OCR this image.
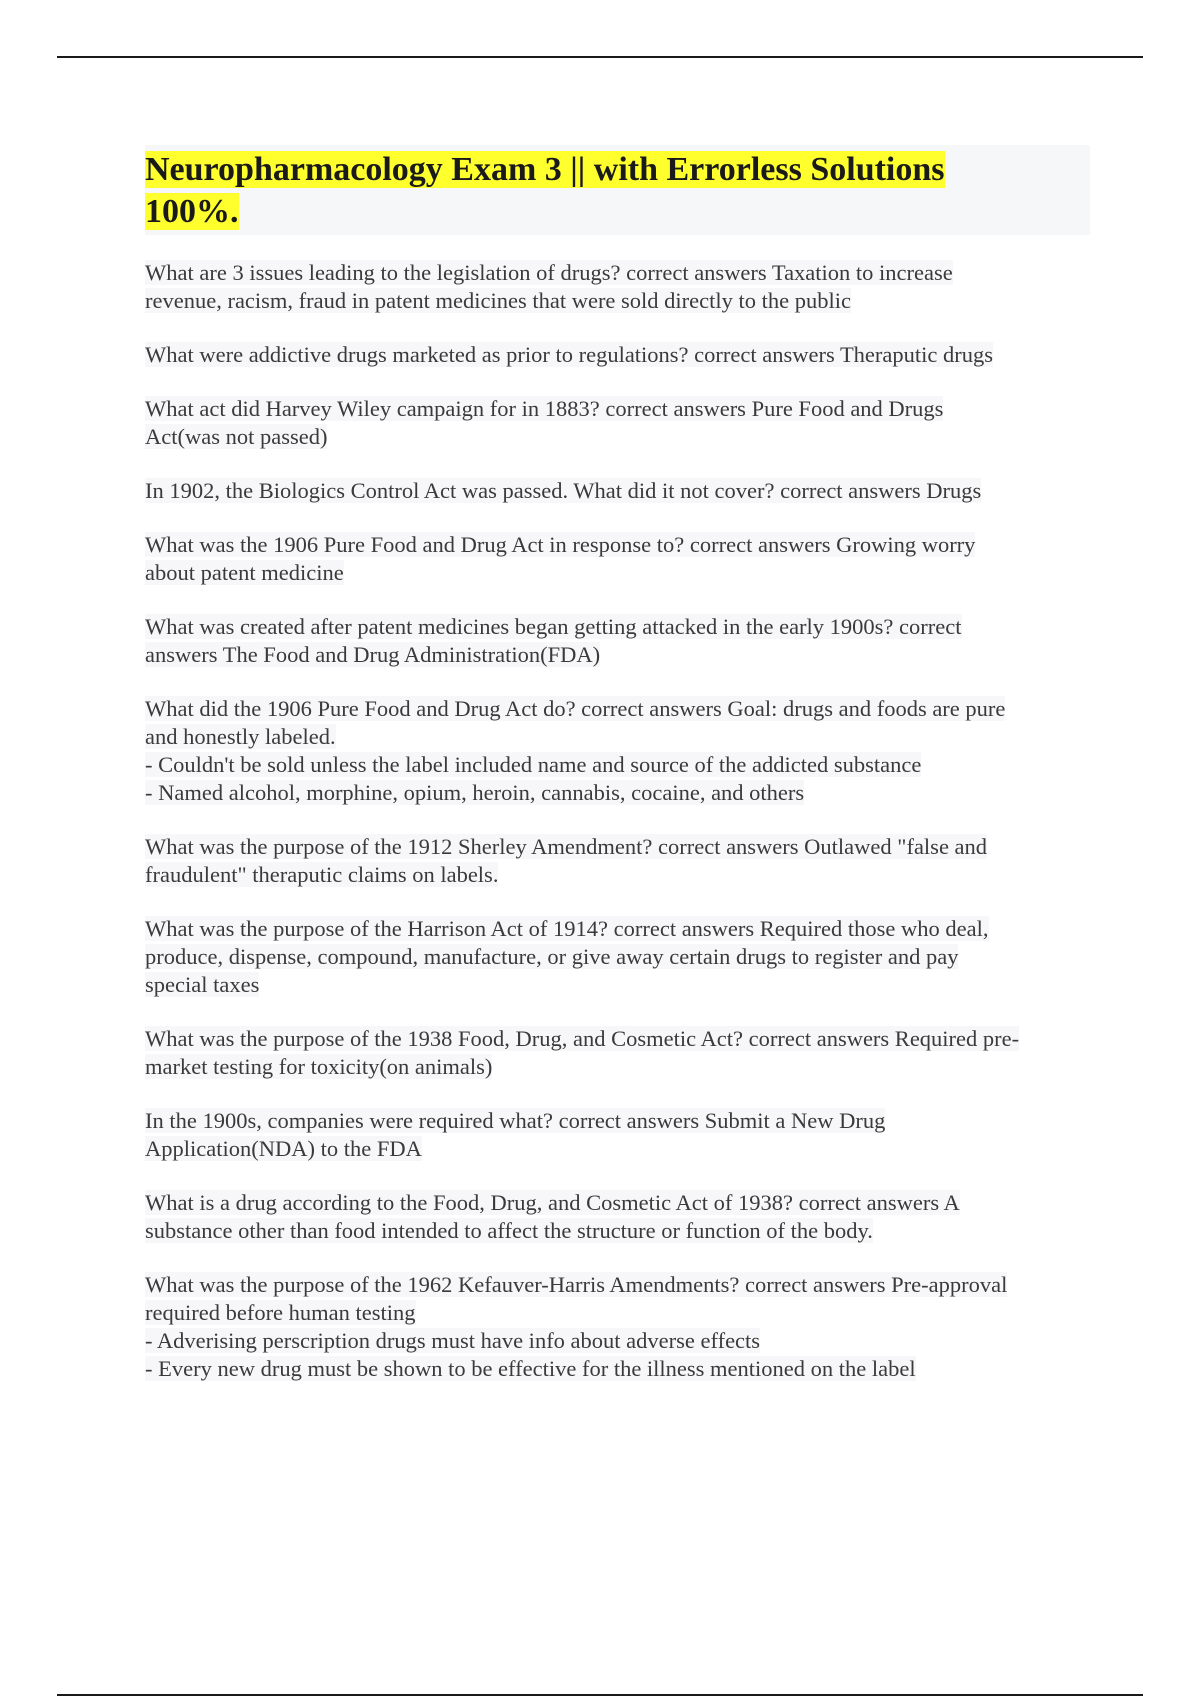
Neuropharmacology Exam 3 || with Errorless Solutions 100%.
What are 3 issues leading to the legislation of drugs? correct answers Taxation to increase
revenue, racism, fraud in patent medicines that were sold directly to the public
What were addictive drugs marketed as prior to regulations? correct answers Theraputic drugs
What act did Harvey Wiley campaign for in 1883? correct answers Pure Food and Drugs
Act(was not passed)
In 1902, the Biologics Control Act was passed. What did it not cover? correct answers Drugs
What was the 1906 Pure Food and Drug Act in response to? correct answers Growing worry
about patent medicine
What was created after patent medicines began getting attacked in the early 1900s? correct
answers The Food and Drug Administration(FDA)
What did the 1906 Pure Food and Drug Act do? correct answers Goal: drugs and foods are pure
and honestly labeled.
- Couldn't be sold unless the label included name and source of the addicted substance
- Named alcohol, morphine, opium, heroin, cannabis, cocaine, and others
What was the purpose of the 1912 Sherley Amendment? correct answers Outlawed "false and
fraudulent" theraputic claims on labels.
What was the purpose of the Harrison Act of 1914? correct answers Required those who deal,
produce, dispense, compound, manufacture, or give away certain drugs to register and pay
special taxes
What was the purpose of the 1938 Food, Drug, and Cosmetic Act? correct answers Required pre-
market testing for toxicity(on animals)
In the 1900s, companies were required what? correct answers Submit a New Drug
Application(NDA) to the FDA
What is a drug according to the Food, Drug, and Cosmetic Act of 1938? correct answers A
substance other than food intended to affect the structure or function of the body.
What was the purpose of the 1962 Kefauver-Harris Amendments? correct answers Pre-approval
required before human testing
- Adverising perscription drugs must have info about adverse effects
- Every new drug must be shown to be effective for the illness mentioned on the label
